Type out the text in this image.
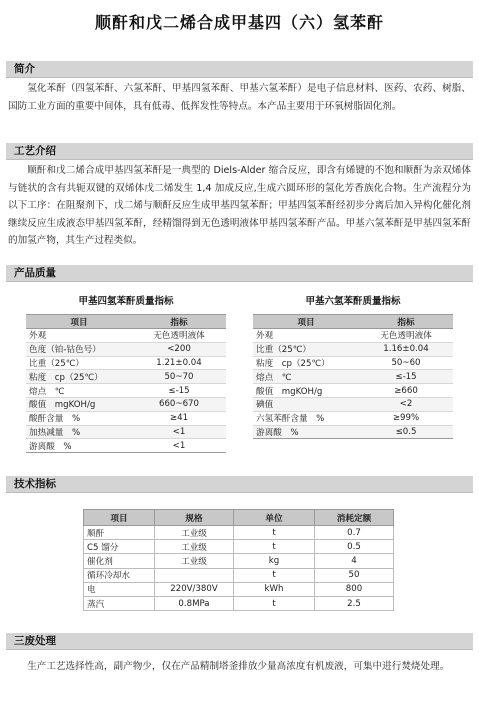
顺酐和戊二烯合成甲基四（六）氢苯酐
简介
氢化苯酐（四氢苯酐、六氢苯酐、甲基四氢苯酐、甲基六氢苯酐）是电子信息材料、医药、农药、树脂、国防工业方面的重要中间体，具有低毒、低挥发性等特点。本产品主要用于环氧树脂固化剂。
工艺介绍
顺酐和戊二烯合成甲基四氢苯酐是一典型的 Diels-Alder 缩合反应，即含有烯键的不饱和顺酐为亲双烯体与链状的含有共轭双键的双烯体戊二烯发生 1,4 加成反应,生成六圆环形的氢化芳香族化合物。生产流程分为以下工序：在阻聚剂下，戊二烯与顺酐反应生成甲基四氢苯酐；甲基四氢苯酐经初步分离后加入异构化催化剂继续反应生成液态甲基四氢苯酐，经精馏得到无色透明液体甲基四氢苯酐产品。甲基六氢苯酐是甲基四氢苯酐的加氢产物，其生产过程类似。
产品质量
甲基四氢苯酐质量指标
项目	指标
外观	无色透明液体
色度（铂-钴色号）	<200
比重（25℃）	1.21±0.04
粘度　cp（25℃）	50~70
熔点　℃	≤-15
酸值　mgKOH/g	660~670
酸酐含量　%	≥41
加热减量　%	<1
游离酸　%	<1
甲基六氢苯酐质量指标
项目	指标
外观	无色透明液体
比重（25℃）	1.16±0.04
粘度　cp（25℃）	50~60
熔点　℃	≤-15
酸值　mgKOH/g	≥660
碘值	<2
六氢苯酐含量　%	≥99%
游离酸　%	≤0.5
技术指标
项目	规格	单位	消耗定额
顺酐	工业级	t	0.7
C5 馏分	工业级	t	0.5
催化剂	工业级	kg	4
循环冷却水		t	50
电	220V/380V	kWh	800
蒸汽	0.8MPa	t	2.5
三废处理
生产工艺选择性高，副产物少，仅在产品精制塔釜排放少量高浓度有机废液，可集中进行焚烧处理。
